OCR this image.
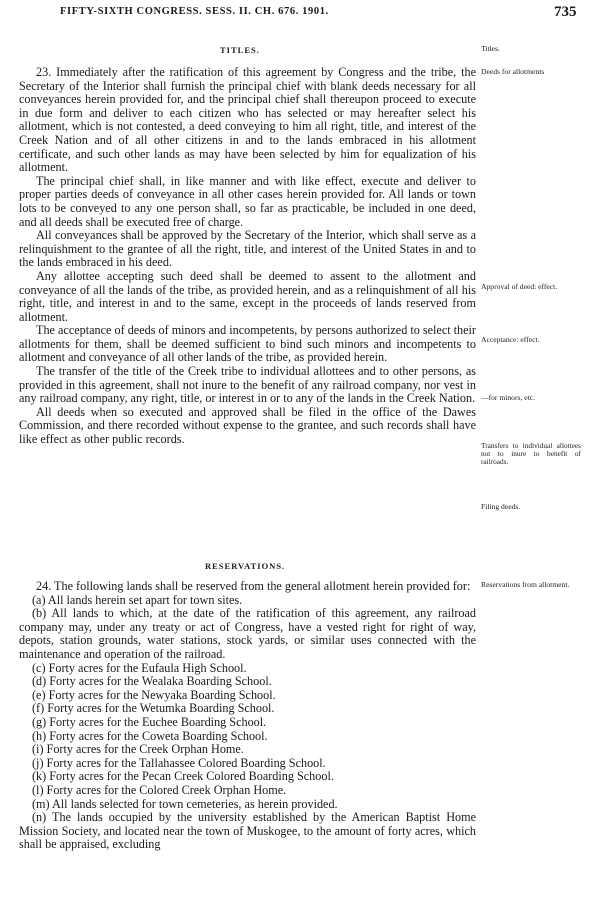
FIFTY-SIXTH CONGRESS. SESS. II. CH. 676. 1901.	735
TITLES.

23. Immediately after the ratification of this agreement by Congress and the tribe, the Secretary of the Interior shall furnish the principal chief with blank deeds necessary for all conveyances herein provided for, and the principal chief shall thereupon proceed to execute in due form and deliver to each citizen who has selected or may hereafter select his allotment, which is not contested, a deed conveying to him all right, title, and interest of the Creek Nation and of all other citizens in and to the lands embraced in his allotment certificate, and such other lands as may have been selected by him for equalization of his allotment.

The principal chief shall, in like manner and with like effect, execute and deliver to proper parties deeds of conveyance in all other cases herein provided for. All lands or town lots to be conveyed to any one person shall, so far as practicable, be included in one deed, and all deeds shall be executed free of charge.

All conveyances shall be approved by the Secretary of the Interior, which shall serve as a relinquishment to the grantee of all the right, title, and interest of the United States in and to the lands embraced in his deed.

Any allottee accepting such deed shall be deemed to assent to the allotment and conveyance of all the lands of the tribe, as provided herein, and as a relinquishment of all his right, title, and interest in and to the same, except in the proceeds of lands reserved from allotment.

The acceptance of deeds of minors and incompetents, by persons authorized to select their allotments for them, shall be deemed sufficient to bind such minors and incompetents to allotment and conveyance of all other lands of the tribe, as provided herein.

The transfer of the title of the Creek tribe to individual allottees and to other persons, as provided in this agreement, shall not inure to the benefit of any railroad company, nor vest in any railroad company, any right, title, or interest in or to any of the lands in the Creek Nation.

All deeds when so executed and approved shall be filed in the office of the Dawes Commission, and there recorded without expense to the grantee, and such records shall have like effect as other public records.

RESERVATIONS.

24. The following lands shall be reserved from the general allotment herein provided for:

(a) All lands herein set apart for town sites.

(b) All lands to which, at the date of the ratification of this agreement, any railroad company may, under any treaty or act of Congress, have a vested right for right of way, depots, station grounds, water stations, stock yards, or similar uses connected with the maintenance and operation of the railroad.

(c) Forty acres for the Eufaula High School.

(d) Forty acres for the Wealaka Boarding School.

(e) Forty acres for the Newyaka Boarding School.

(f) Forty acres for the Wetumka Boarding School.

(g) Forty acres for the Euchee Boarding School.

(h) Forty acres for the Coweta Boarding School.

(i) Forty acres for the Creek Orphan Home.

(j) Forty acres for the Tallahassee Colored Boarding School.

(k) Forty acres for the Pecan Creek Colored Boarding School.

(l) Forty acres for the Colored Creek Orphan Home.

(m) All lands selected for town cemeteries, as herein provided.

(n) The lands occupied by the university established by the American Baptist Home Mission Society, and located near the town of Muskogee, to the amount of forty acres, which shall be appraised, excluding

Titles.
Deeds for allotments
Approval of deed: effect.
Acceptance: effect.
—for minors, etc.
Transfers to individual allottees not to inure to benefit of railroads.
Filing deeds.
Reservations from allotment.
